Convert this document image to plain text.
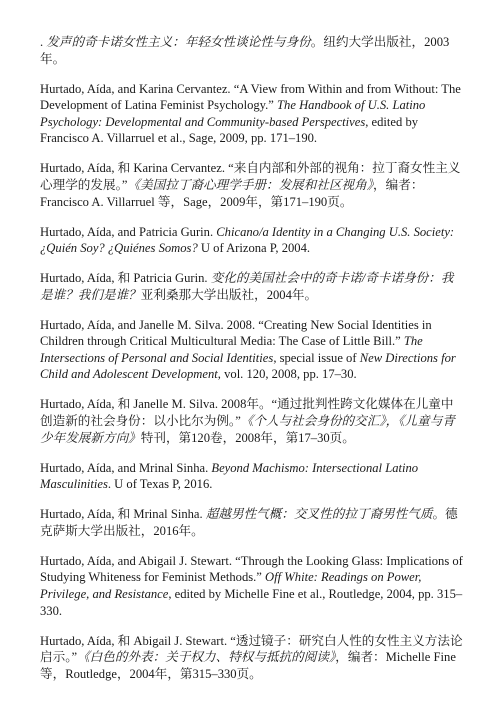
. 发声的奇卡诺女性主义：年轻女性谈论性与身份。纽约大学出版社，2003年。
Hurtado, Aída, and Karina Cervantez. “A View from Within and from Without: The Development of Latina Feminist Psychology.” The Handbook of U.S. Latino Psychology: Developmental and Community-based Perspectives, edited by Francisco A. Villarruel et al., Sage, 2009, pp. 171–190.
Hurtado, Aída, 和 Karina Cervantez. “来自内部和外部的视角：拉丁裔女性主义心理学的发展。”《美国拉丁裔心理学手册：发展和社区视角》，编者：Francisco A. Villarruel 等，Sage，2009年，第171–190页。
Hurtado, Aída, and Patricia Gurin. Chicano/a Identity in a Changing U.S. Society: ¿Quién Soy? ¿Quiénes Somos? U of Arizona P, 2004.
Hurtado, Aída, 和 Patricia Gurin. 变化的美国社会中的奇卡诺/奇卡诺身份：我是谁？我们是谁？亚利桑那大学出版社，2004年。
Hurtado, Aída, and Janelle M. Silva. 2008. “Creating New Social Identities in Children through Critical Multicultural Media: The Case of Little Bill.” The Intersections of Personal and Social Identities, special issue of New Directions for Child and Adolescent Development, vol. 120, 2008, pp. 17–30.
Hurtado, Aída, 和 Janelle M. Silva. 2008年。“通过批判性跨文化媒体在儿童中创造新的社会身份：以小比尔为例。”《个人与社会身份的交汇》，《儿童与青少年发展新方向》特刊，第120卷，2008年，第17–30页。
Hurtado, Aída, and Mrinal Sinha. Beyond Machismo: Intersectional Latino Masculinities. U of Texas P, 2016.
Hurtado, Aída, 和 Mrinal Sinha. 超越男性气概：交叉性的拉丁裔男性气质。德克萨斯大学出版社，2016年。
Hurtado, Aída, and Abigail J. Stewart. “Through the Looking Glass: Implications of Studying Whiteness for Feminist Methods.” Off White: Readings on Power, Privilege, and Resistance, edited by Michelle Fine et al., Routledge, 2004, pp. 315–330.
Hurtado, Aída, 和 Abigail J. Stewart. “透过镜子：研究白人性的女性主义方法论启示。”《白色的外表：关于权力、特权与抵抗的阅读》，编者：Michelle Fine 等，Routledge，2004年，第315–330页。
